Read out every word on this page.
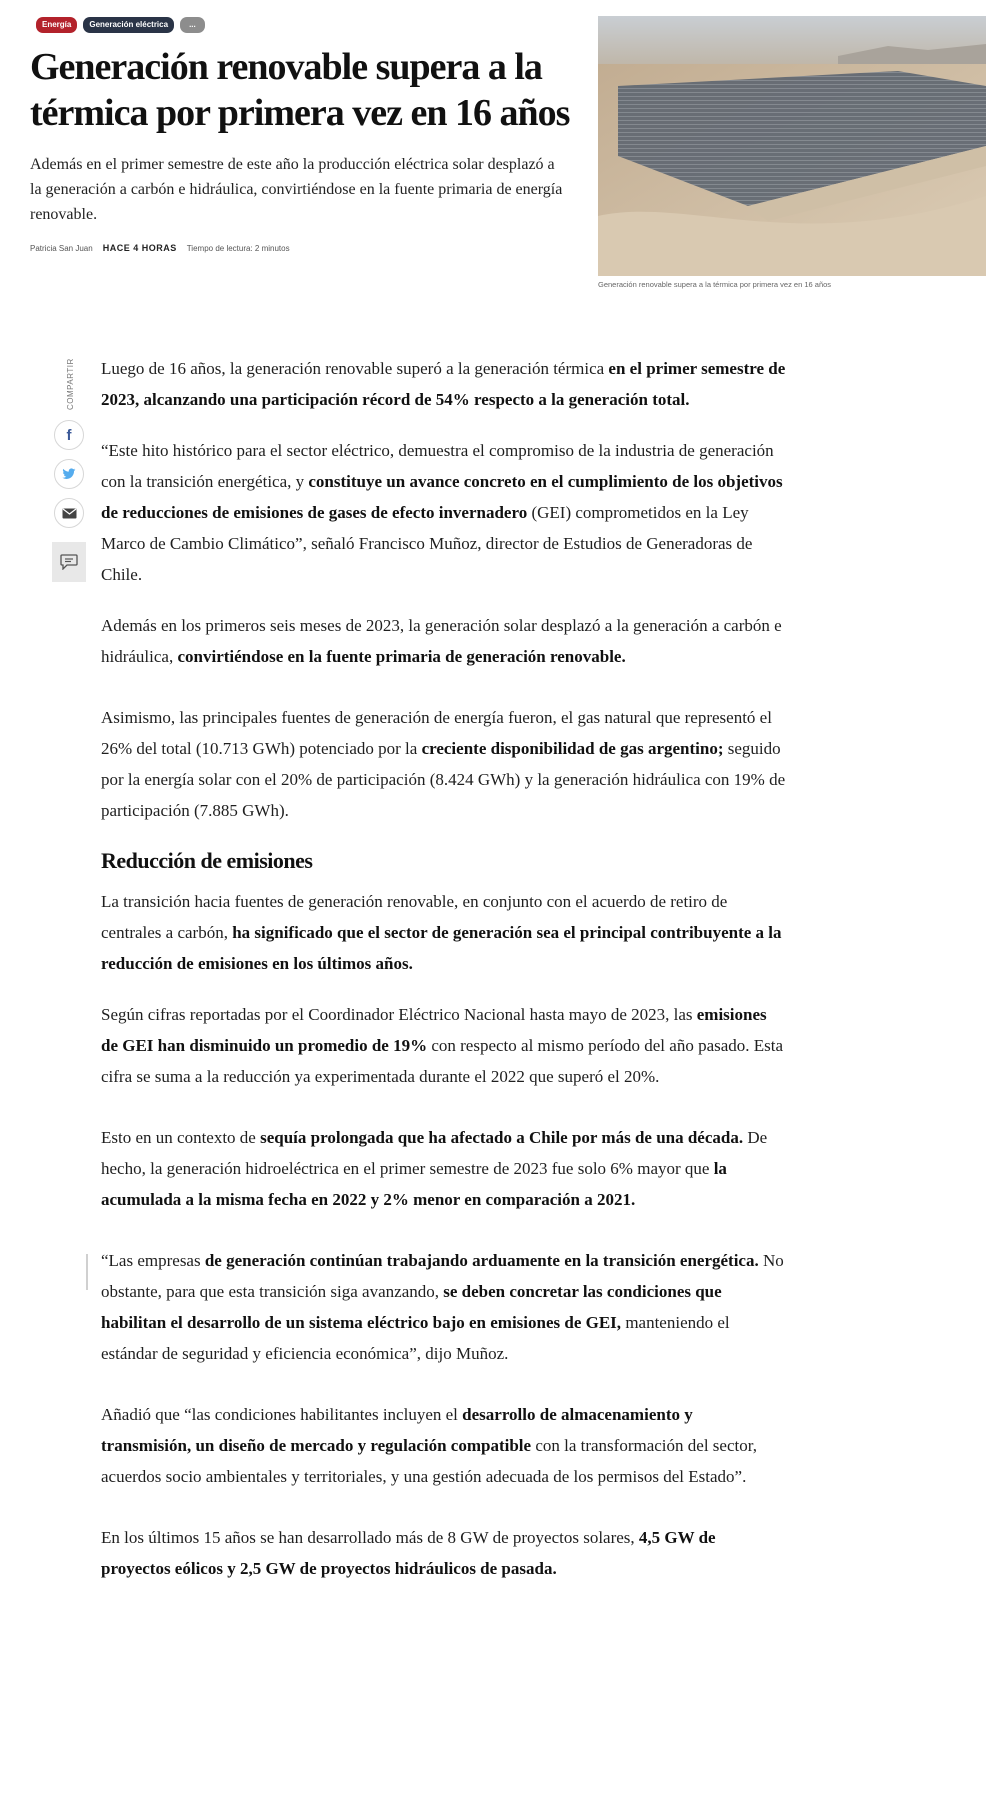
Energía	Generación eléctrica	...
Generación renovable supera a la térmica por primera vez en 16 años

Además en el primer semestre de este año la producción eléctrica solar desplazó a la generación a carbón e hidráulica, convirtiéndose en la fuente primaria de energía renovable.

Patricia San Juan HACE 4 HORAS Tiempo de lectura: 2 minutos
Generación renovable supera a la térmica por primera vez en 16 años
COMPARTIR
f

Luego de 16 años, la generación renovable superó a la generación térmica en el primer semestre de 2023, alcanzando una participación récord de 54% respecto a la generación total.

“Este hito histórico para el sector eléctrico, demuestra el compromiso de la industria de generación con la transición energética, y constituye un avance concreto en el cumplimiento de los objetivos de reducciones de emisiones de gases de efecto invernadero (GEI) comprometidos en la Ley Marco de Cambio Climático”, señaló Francisco Muñoz, director de Estudios de Generadoras de Chile.

Además en los primeros seis meses de 2023, la generación solar desplazó a la generación a carbón e hidráulica, convirtiéndose en la fuente primaria de generación renovable.

Asimismo, las principales fuentes de generación de energía fueron, el gas natural que representó el 26% del total (10.713 GWh) potenciado por la creciente disponibilidad de gas argentino; seguido por la energía solar con el 20% de participación (8.424 GWh) y la generación hidráulica con 19% de participación (7.885 GWh).

Reducción de emisiones

La transición hacia fuentes de generación renovable, en conjunto con el acuerdo de retiro de centrales a carbón, ha significado que el sector de generación sea el principal contribuyente a la reducción de emisiones en los últimos años.

Según cifras reportadas por el Coordinador Eléctrico Nacional hasta mayo de 2023, las emisiones de GEI han disminuido un promedio de 19% con respecto al mismo período del año pasado. Esta cifra se suma a la reducción ya experimentada durante el 2022 que superó el 20%.

Esto en un contexto de sequía prolongada que ha afectado a Chile por más de una década. De hecho, la generación hidroeléctrica en el primer semestre de 2023 fue solo 6% mayor que la acumulada a la misma fecha en 2022 y 2% menor en comparación a 2021.

“Las empresas de generación continúan trabajando arduamente en la transición energética. No obstante, para que esta transición siga avanzando, se deben concretar las condiciones que habilitan el desarrollo de un sistema eléctrico bajo en emisiones de GEI, manteniendo el estándar de seguridad y eficiencia económica”, dijo Muñoz.

Añadió que “las condiciones habilitantes incluyen el desarrollo de almacenamiento y transmisión, un diseño de mercado y regulación compatible con la transformación del sector, acuerdos socio ambientales y territoriales, y una gestión adecuada de los permisos del Estado”.

En los últimos 15 años se han desarrollado más de 8 GW de proyectos solares, 4,5 GW de proyectos eólicos y 2,5 GW de proyectos hidráulicos de pasada.
